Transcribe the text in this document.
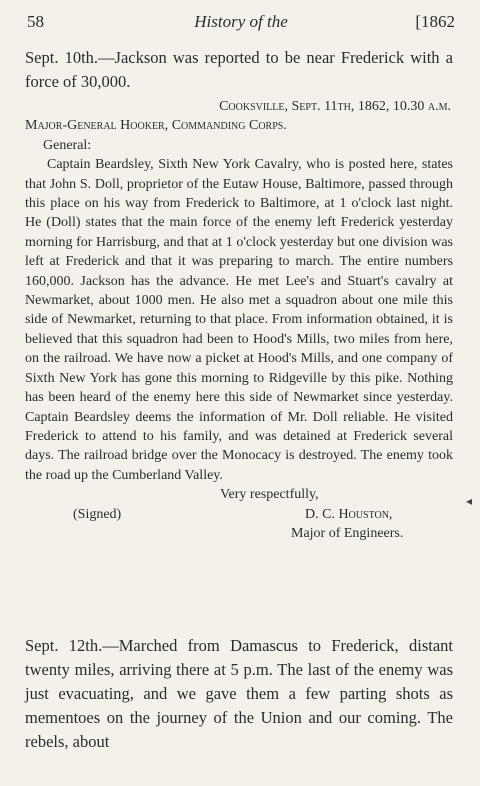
58	History of the	[1862

Sept. 10th.—Jackson was reported to be near Frederick with a force of 30,000.

Cooksville, Sept. 11th, 1862, 10.30 a.m.

Major-General Hooker, Commanding Corps.

General:

Captain Beardsley, Sixth New York Cavalry, who is posted here, states that John S. Doll, proprietor of the Eutaw House, Baltimore, passed through this place on his way from Frederick to Baltimore, at 1 o'clock last night. He (Doll) states that the main force of the enemy left Frederick yesterday morning for Harrisburg, and that at 1 o'clock yesterday but one division was left at Frederick and that it was preparing to march. The entire numbers 160,000. Jackson has the advance. He met Lee's and Stuart's cavalry at Newmarket, about 1000 men. He also met a squadron about one mile this side of Newmarket, returning to that place. From information obtained, it is believed that this squadron had been to Hood's Mills, two miles from here, on the railroad. We have now a picket at Hood's Mills, and one company of Sixth New York has gone this morning to Ridgeville by this pike. Nothing has been heard of the enemy here this side of Newmarket since yesterday. Captain Beardsley deems the information of Mr. Doll reliable. He visited Frederick to attend to his family, and was detained at Frederick several days. The railroad bridge over the Monocacy is destroyed. The enemy took the road up the Cumberland Valley.

Very respectfully,

(Signed)	D. C. Houston,

Major of Engineers.

Sept. 12th.—Marched from Damascus to Frederick, distant twenty miles, arriving there at 5 p.m. The last of the enemy was just evacuating, and we gave them a few parting shots as mementoes on the journey of the Union and our coming. The rebels, about

◂
